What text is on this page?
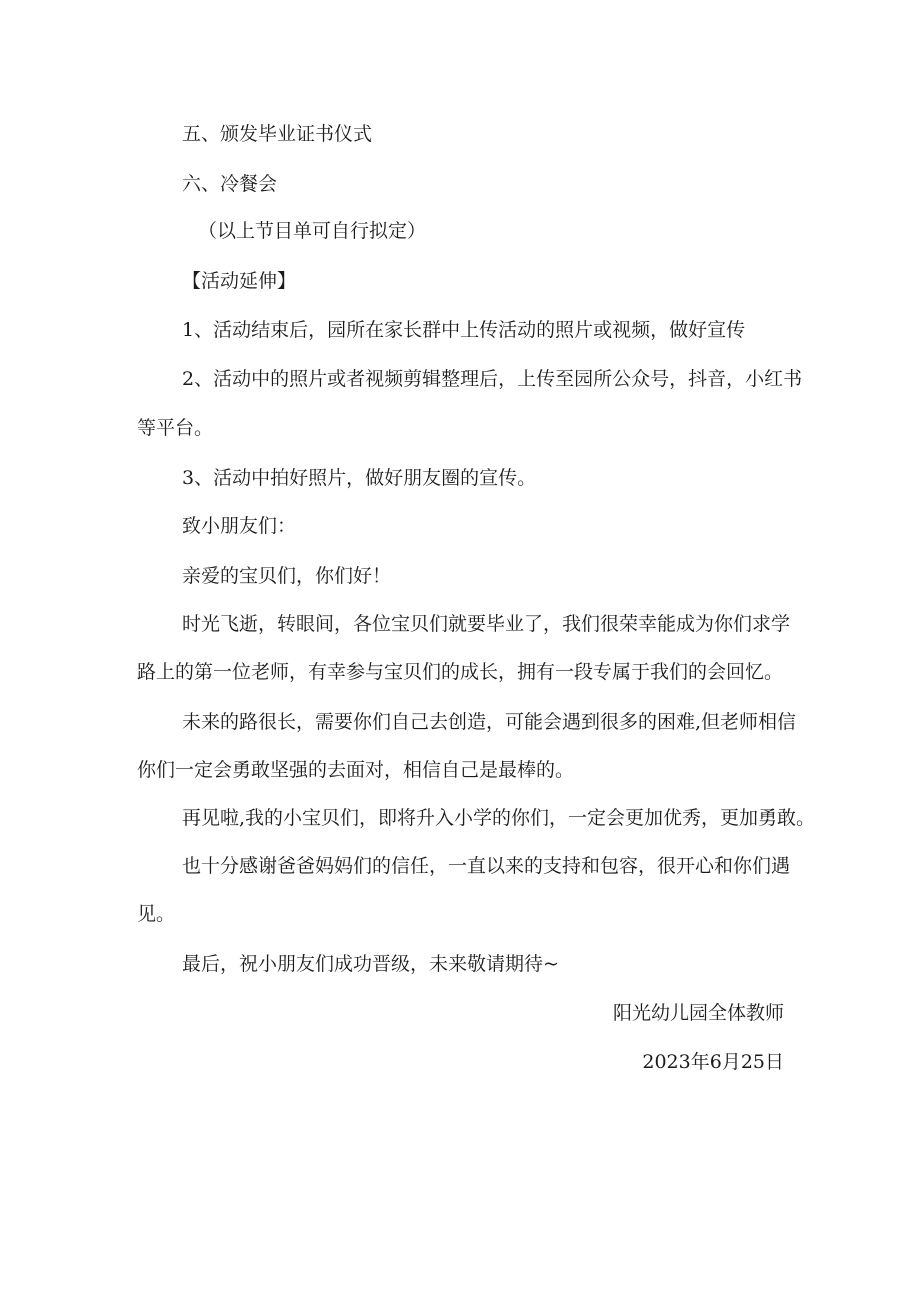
五、颁发毕业证书仪式

六、冷餐会

（以上节目单可自行拟定）

【活动延伸】

1、活动结束后，园所在家长群中上传活动的照片或视频，做好宣传

2、活动中的照片或者视频剪辑整理后，上传至园所公众号，抖音，小红书

等平台。

3、活动中拍好照片，做好朋友圈的宣传。

致小朋友们：

亲爱的宝贝们，你们好！

时光飞逝，转眼间，各位宝贝们就要毕业了，我们很荣幸能成为你们求学

路上的第一位老师，有幸参与宝贝们的成长，拥有一段专属于我们的会回忆。

未来的路很长，需要你们自己去创造，可能会遇到很多的困难,但老师相信

你们一定会勇敢坚强的去面对，相信自己是最棒的。

再见啦,我的小宝贝们，即将升入小学的你们，一定会更加优秀，更加勇敢。

也十分感谢爸爸妈妈们的信任，一直以来的支持和包容，很开心和你们遇

见。

最后，祝小朋友们成功晋级，未来敬请期待~

阳光幼儿园全体教师

2023年6月25日
